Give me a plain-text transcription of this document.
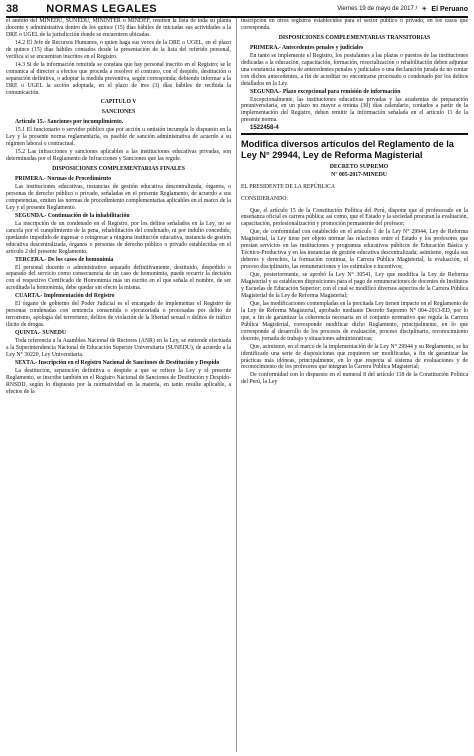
38	NORMAS LEGALES	Viernes 19 de mayo de 2017 / ☀ El Peruano

el ámbito del MINEDU, SUNEDU, MININTER o MINDEF, remiten la lista de toda su planta docente y administrativa dentro de los quince (15) días hábiles de iniciadas sus actividades a la DRE o UGEL de la jurisdicción donde se encuentren ubicadas.

14.2 El Jefe de Recursos Humanos, o quien haga sus veces de la DRE o UGEL, en el plazo de quince (15) días hábiles contados desde la presentación de la lista del referido personal, verifica si se encuentran inscritos en el Registro.

14.3 Si de la información remitida se constata que hay personal inscrito en el Registro; se le comunica al director a efectos que proceda a resolver el contrato, con el despido, destitución o separación definitiva, o adoptar la medida preventiva, según corresponda; debiendo informar a la DRE o UGEL la acción adoptada, en el plazo de tres (3) días hábiles de recibida la comunicación.

CAPITULO V

SANCIONES

Artículo 15.- Sanciones por incumplimiento.

15.1 El funcionario o servidor público que por acción u omisión incumpla lo dispuesto en la Ley y la presente norma reglamentaria, es pasible de sanción administrativa de acuerdo a su régimen laboral o contractual.

15.2 Las infracciones y sanciones aplicables a las instituciones educativas privadas, son determinadas por el Reglamento de Infracciones y Sanciones que las regule.

DISPOSICIONES COMPLEMENTARIAS FINALES

PRIMERA.- Normas de Procedimiento

Las instituciones educativas, instancias de gestión educativa descentralizada, órganos, o personas de derecho público o privado, señaladas en el presente Reglamento, de acuerdo a sus competencias, emiten las normas de procedimiento complementarias aplicables en el marco de la Ley y el presente Reglamento.

SEGUNDA.- Continuación de la inhabilitación

La inscripción de un condenado en el Registro, por los delitos señalados en la Ley, no se cancela por el cumplimiento de la pena, rehabilitación del condenado, ni por indulto concedido, quedando impedido de ingresar o reingresar a ninguna institución educativa, instancia de gestión educativa descentralizada, órganos o personas de derecho público o privado establecidas en el artículo 2 del presente Reglamento.

TERCERA.- De los casos de homonimia

El personal docente o administrativo separado definitivamente, destituido, despedido o separado del servicio como consecuencia de un caso de homonimia, puede recurrir la decisión con el respectivo Certificado de Homonimia más un escrito en el que señala el nombre, de ser acreditada la homonimia, debe quedar sin efecto la misma.

CUARTA.- Implementación del Registro

El órgano de gobierno del Poder Judicial es el encargado de implementar el Registro de personas condenadas con sentencia consentida o ejecutoriada o procesadas por delito de terrorismo, apología del terrorismo, delitos de violación de la libertad sexual o delitos de tráfico ilícito de drogas.

QUINTA.- SUNEDU

Toda referencia a la Asamblea Nacional de Rectores (ANR) en la Ley, se entiende efectuada a la Superintendencia Nacional de Educación Superior Universitaria (SUNEDU), de acuerdo a la Ley N° 30220, Ley Universitaria.

SEXTA.- Inscripción en el Registro Nacional de Sanciones de Destitución y Despido

La destitución, separación definitiva o despido a que se refiere la Ley y el presente Reglamento, se inscribe también en el Registro Nacional de Sanciones de Destitución y Despido- RNSDD, según lo dispuesto por la normatividad en la materia, en tanto resulte aplicable, a efectos de la

inscripción en otros registros establecidos para el sector público o privado, en los casos que corresponda.

DISPOSICIONES COMPLEMENTARIAS TRANSITORIAS

PRIMERA.- Antecedentes penales y judiciales

En tanto se implemente el Registro, los postulantes a las plazas o puestos de las instituciones dedicadas a la educación, capacitación, formación, resocialización o rehabilitación deben adjuntar una constancia negativa de antecedentes penales y judiciales o una declaración jurada de no contar con dichos antecedentes, a fin de acreditar no encontrarse procesado o condenado por los delitos detallados en la Ley.

SEGUNDA.- Plazo excepcional para remisión de información

Excepcionalmente, las instituciones educativas privadas y las academias de preparación preuniversitaria, en un plazo no mayor a treinta (30) días calendario, contados a partir de la implementación del Registro, deben remitir la información señalada en el artículo 11 de la presente norma.

1522458-4

Modifica diversos artículos del Reglamento de la Ley N° 29944, Ley de Reforma Magisterial

DECRETO SUPREMO

N° 005-2017-MINEDU

EL PRESIDENTE DE LA REPÚBLICA

CONSIDERANDO:

Que, el artículo 15 de la Constitución Política del Perú, dispone que el profesorado en la enseñanza oficial es carrera pública; así como, que el Estado y la sociedad procuran la evaluación, capacitación, profesionalización y promoción permanente del profesor;

Que, de conformidad con establecido en el artículo 1 de la Ley N° 29944, Ley de Reforma Magisterial, la Ley tiene por objeto normar las relaciones entre el Estado y los profesores que prestan servicios en las instituciones y programas educativos públicos de Educación Básica y Técnico-Productiva y en las instancias de gestión educativa descentralizada; asimismo, regula sus deberes y derechos, la formación continua, la Carrera Pública Magisterial, la evaluación, el proceso disciplinario, las remuneraciones y los estímulos e incentivos;

Que, posteriormente, se aprobó la Ley N° 30541, Ley que modifica la Ley de Reforma Magisterial y se establecen disposiciones para el pago de remuneraciones de docentes de Institutos y Escuelas de Educación Superior; con el cual se modificó diversos aspectos de la Carrera Pública Magisterial de la Ley de Reforma Magisterial;

Que, las modificaciones contempladas en la precitada Ley tienen impacto en el Reglamento de la Ley de Reforma Magisterial, aprobado mediante Decreto Supremo N° 004-2013-ED, por lo que, a fin de garantizar la coherencia necesaria en el conjunto normativo que regula la Carrera Pública Magisterial, corresponde modificar dicho Reglamento, principalmente, en lo que corresponde al desarrollo de los procesos de evaluación, proceso disciplinario, reconocimiento docente, jornada de trabajo y situaciones administrativas;

Que, asimismo, en el marco de la implementación de la Ley N° 29944 y su Reglamento, se ha identificado una serie de disposiciones que requieren ser modificadas, a fin de garantizar las prácticas más idóneas, principalmente, en lo que respecta al sistema de evaluaciones y de reconocimiento de los profesores que integran la Carrera Pública Magisterial;

De conformidad con lo dispuesto en el numeral 8 del artículo 118 de la Constitución Política del Perú, la Ley
